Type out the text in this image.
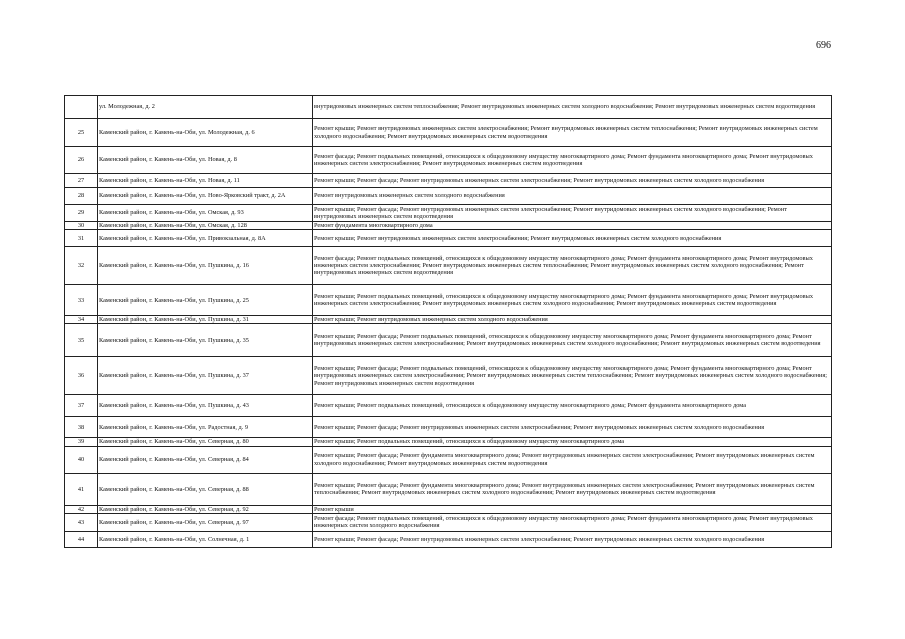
696
	ул. Молодежная, д. 2	внутридомовых инженерных систем теплоснабжения; Ремонт внутридомовых инженерных систем холодного водоснабжения; Ремонт внутридомовых инженерных систем водоотведения
25	Каменский район, г. Камень-на-Оби, ул. Молодежная, д. 6	Ремонт крыши; Ремонт внутридомовых инженерных систем электроснабжения; Ремонт внутридомовых инженерных систем теплоснабжения; Ремонт внутридомовых инженерных систем холодного водоснабжения; Ремонт внутридомовых инженерных систем водоотведения
26	Каменский район, г. Камень-на-Оби, ул. Новая, д. 8	Ремонт фасада; Ремонт подвальных помещений, относящихся к общедомовому имуществу многоквартирного дома; Ремонт фундамента многоквартирного дома; Ремонт внутридомовых инженерных систем электроснабжения; Ремонт внутридомовых инженерных систем водоотведения
27	Каменский район, г. Камень-на-Оби, ул. Новая, д. 11	Ремонт крыши; Ремонт фасада; Ремонт внутридомовых инженерных систем электроснабжения; Ремонт внутридомовых инженерных систем холодного водоснабжения
28	Каменский район, г. Камень-на-Оби, ул. Ново-Ярковский тракт, д. 2А	Ремонт внутридомовых инженерных систем холодного водоснабжения
29	Каменский район, г. Камень-на-Оби, ул. Омская, д. 93	Ремонт крыши; Ремонт фасада; Ремонт внутридомовых инженерных систем электроснабжения; Ремонт внутридомовых инженерных систем холодного водоснабжения; Ремонт внутридомовых инженерных систем водоотведения
30	Каменский район, г. Камень-на-Оби, ул. Омская, д. 128	Ремонт фундамента многоквартирного дома
31	Каменский район, г. Камень-на-Оби, ул. Привокзальная, д. 8А	Ремонт крыши; Ремонт внутридомовых инженерных систем электроснабжения; Ремонт внутридомовых инженерных систем холодного водоснабжения
32	Каменский район, г. Камень-на-Оби, ул. Пушкина, д. 16	Ремонт фасада; Ремонт подвальных помещений, относящихся к общедомовому имуществу многоквартирного дома; Ремонт фундамента многоквартирного дома; Ремонт внутридомовых инженерных систем электроснабжения; Ремонт внутридомовых инженерных систем теплоснабжения; Ремонт внутридомовых инженерных систем холодного водоснабжения; Ремонт внутридомовых инженерных систем водоотведения
33	Каменский район, г. Камень-на-Оби, ул. Пушкина, д. 25	Ремонт крыши; Ремонт подвальных помещений, относящихся к общедомовому имуществу многоквартирного дома; Ремонт фундамента многоквартирного дома; Ремонт внутридомовых инженерных систем электроснабжения; Ремонт внутридомовых инженерных систем холодного водоснабжения; Ремонт внутридомовых инженерных систем водоотведения
34	Каменский район, г. Камень-на-Оби, ул. Пушкина, д. 31	Ремонт крыши; Ремонт внутридомовых инженерных систем холодного водоснабжения
35	Каменский район, г. Камень-на-Оби, ул. Пушкина, д. 35	Ремонт крыши; Ремонт фасада; Ремонт подвальных помещений, относящихся к общедомовому имуществу многоквартирного дома; Ремонт фундамента многоквартирного дома; Ремонт внутридомовых инженерных систем электроснабжения; Ремонт внутридомовых инженерных систем холодного водоснабжения; Ремонт внутридомовых инженерных систем водоотведения
36	Каменский район, г. Камень-на-Оби, ул. Пушкина, д. 37	Ремонт крыши; Ремонт фасада; Ремонт подвальных помещений, относящихся к общедомовому имуществу многоквартирного дома; Ремонт фундамента многоквартирного дома; Ремонт внутридомовых инженерных систем электроснабжения; Ремонт внутридомовых инженерных систем теплоснабжения; Ремонт внутридомовых инженерных систем холодного водоснабжения; Ремонт внутридомовых инженерных систем водоотведения
37	Каменский район, г. Камень-на-Оби, ул. Пушкина, д. 43	Ремонт крыши; Ремонт подвальных помещений, относящихся к общедомовому имуществу многоквартирного дома; Ремонт фундамента многоквартирного дома
38	Каменский район, г. Камень-на-Оби, ул. Радостная, д. 9	Ремонт крыши; Ремонт фасада; Ремонт внутридомовых инженерных систем электроснабжения; Ремонт внутридомовых инженерных систем холодного водоснабжения
39	Каменский район, г. Камень-на-Оби, ул. Северная, д. 80	Ремонт крыши; Ремонт подвальных помещений, относящихся к общедомовому имуществу многоквартирного дома
40	Каменский район, г. Камень-на-Оби, ул. Северная, д. 84	Ремонт крыши; Ремонт фасада; Ремонт фундамента многоквартирного дома; Ремонт внутридомовых инженерных систем электроснабжения; Ремонт внутридомовых инженерных систем холодного водоснабжения; Ремонт внутридомовых инженерных систем водоотведения
41	Каменский район, г. Камень-на-Оби, ул. Северная, д. 88	Ремонт крыши; Ремонт фасада; Ремонт фундамента многоквартирного дома; Ремонт внутридомовых инженерных систем электроснабжения; Ремонт внутридомовых инженерных систем теплоснабжения; Ремонт внутридомовых инженерных систем холодного водоснабжения; Ремонт внутридомовых инженерных систем водоотведения
42	Каменский район, г. Камень-на-Оби, ул. Северная, д. 92	Ремонт крыши
43	Каменский район, г. Камень-на-Оби, ул. Северная, д. 97	Ремонт фасада; Ремонт подвальных помещений, относящихся к общедомовому имуществу многоквартирного дома; Ремонт фундамента многоквартирного дома; Ремонт внутридомовых инженерных систем холодного водоснабжения
44	Каменский район, г. Камень-на-Оби, ул. Солнечная, д. 1	Ремонт крыши; Ремонт фасада; Ремонт внутридомовых инженерных систем электроснабжения; Ремонт внутридомовых инженерных систем холодного водоснабжения
